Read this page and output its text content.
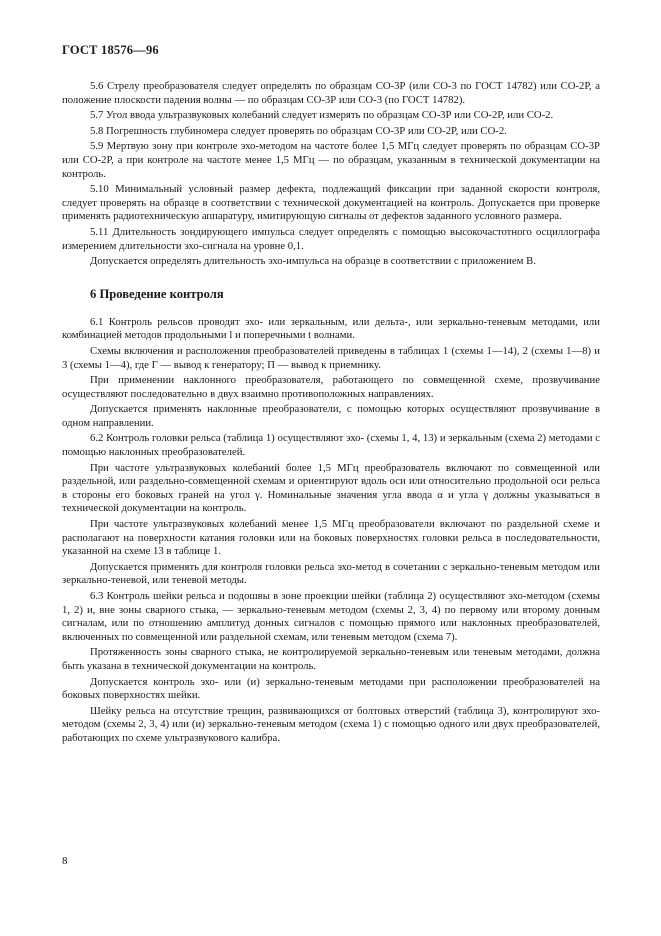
ГОСТ 18576—96

5.6 Стрелу преобразователя следует определять по образцам СО-3Р (или СО-3 по ГОСТ 14782) или СО-2Р, а положение плоскости падения волны — по образцам СО-3Р или СО-3 (по ГОСТ 14782).

5.7 Угол ввода ультразвуковых колебаний следует измерять по образцам СО-3Р или СО-2Р, или СО-2.

5.8 Погрешность глубиномера следует проверять по образцам СО-3Р или СО-2Р, или СО-2.

5.9 Мертвую зону при контроле эхо-методом на частоте более 1,5 МГц следует проверять по образцам СО-3Р или СО-2Р, а при контроле на частоте менее 1,5 МГц — по образцам, указанным в технической документации на контроль.

5.10 Минимальный условный размер дефекта, подлежащий фиксации при заданной скорости контроля, следует проверять на образце в соответствии с технической документацией на контроль. Допускается при проверке применять радиотехническую аппаратуру, имитирующую сигналы от дефектов заданного условного размера.

5.11 Длительность зондирующего импульса следует определять с помощью высокочастотного осциллографа измерением длительности эхо-сигнала на уровне 0,1.

Допускается определять длительность эхо-импульса на образце в соответствии с приложением В.

6 Проведение контроля

6.1 Контроль рельсов проводят эхо- или зеркальным, или дельта-, или зеркально-теневым методами, или комбинацией методов продольными l и поперечными t волнами.

Схемы включения и расположения преобразователей приведены в таблицах 1 (схемы 1—14), 2 (схемы 1—8) и 3 (схемы 1—4), где Г — вывод к генератору; П — вывод к приемнику.

При применении наклонного преобразователя, работающего по совмещенной схеме, прозвучивание осуществляют последовательно в двух взаимно противоположных направлениях.

Допускается применять наклонные преобразователи, с помощью которых осуществляют прозвучивание в одном направлении.

6.2 Контроль головки рельса (таблица 1) осуществляют эхо- (схемы 1, 4, 13) и зеркальным (схема 2) методами с помощью наклонных преобразователей.

При частоте ультразвуковых колебаний более 1,5 МГц преобразователь включают по совмещенной или раздельной, или раздельно-совмещенной схемам и ориентируют вдоль оси или относительно продольной оси рельса в стороны его боковых граней на угол γ. Номинальные значения угла ввода α и угла γ должны указываться в технической документации на контроль.

При частоте ультразвуковых колебаний менее 1,5 МГц преобразователи включают по раздельной схеме и располагают на поверхности катания головки или на боковых поверхностях головки рельса в последовательности, указанной на схеме 13 в таблице 1.

Допускается применять для контроля головки рельса эхо-метод в сочетании с зеркально-теневым методом или зеркально-теневой, или теневой методы.

6.3 Контроль шейки рельса и подошвы в зоне проекции шейки (таблица 2) осуществляют эхо-методом (схемы 1, 2) и, вне зоны сварного стыка, — зеркально-теневым методом (схемы 2, 3, 4) по первому или второму донным сигналам, или по отношению амплитуд донных сигналов с помощью прямого или наклонных преобразователей, включенных по совмещенной или раздельной схемам, или теневым методом (схема 7).

Протяженность зоны сварного стыка, не контролируемой зеркально-теневым или теневым методами, должна быть указана в технической документации на контроль.

Допускается контроль эхо- или (и) зеркально-теневым методами при расположении преобразователей на боковых поверхностях шейки.

Шейку рельса на отсутствие трещин, развивающихся от болтовых отверстий (таблица 3), контролируют эхо-методом (схемы 2, 3, 4) или (и) зеркально-теневым методом (схема 1) с помощью одного или двух преобразователей, работающих по схеме ультразвукового калибра.

8
